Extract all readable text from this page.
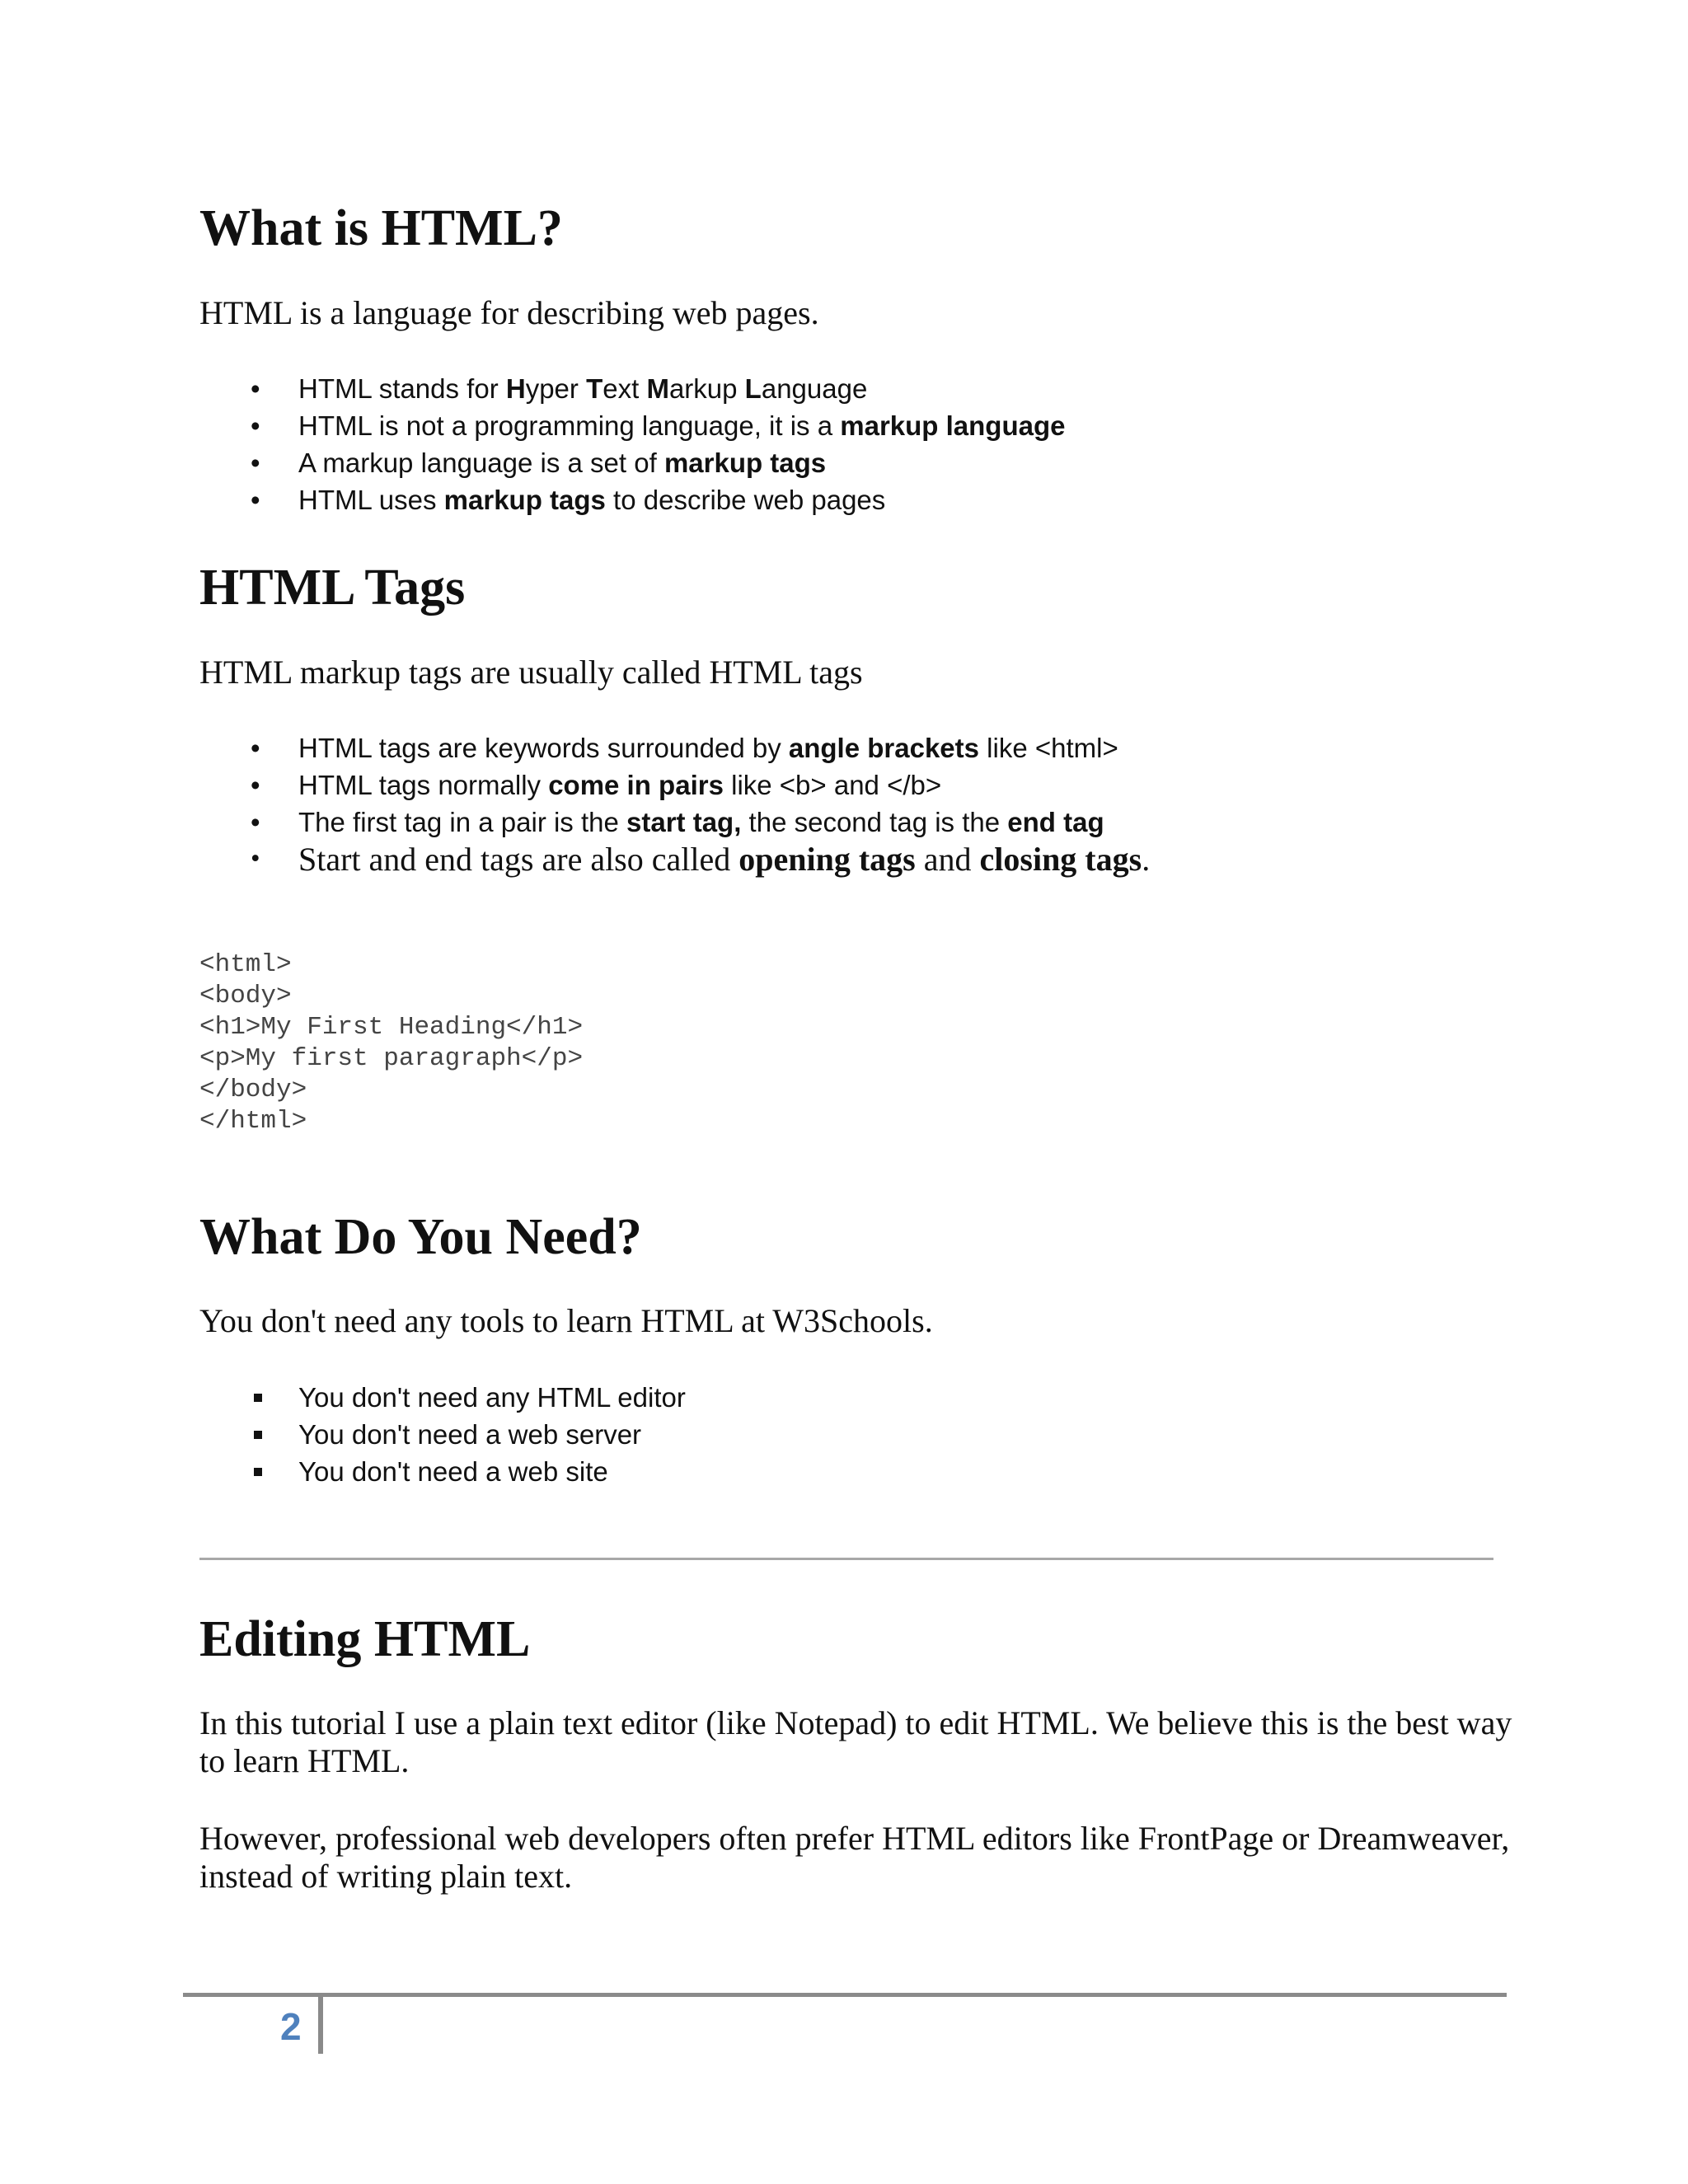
What is HTML?

HTML is a language for describing web pages.

• HTML stands for Hyper Text Markup Language
• HTML is not a programming language, it is a markup language
• A markup language is a set of markup tags
• HTML uses markup tags to describe web pages
HTML Tags

HTML markup tags are usually called HTML tags

• HTML tags are keywords surrounded by angle brackets like <html>
• HTML tags normally come in pairs like <b> and </b>
• The first tag in a pair is the start tag, the second tag is the end tag
• Start and end tags are also called opening tags and closing tags.
<html>
<body>
<h1>My First Heading</h1>
<p>My first paragraph</p>
</body>
</html>
What Do You Need?

You don't need any tools to learn HTML at W3Schools.

You don't need any HTML editor
You don't need a web server
You don't need a web site
Editing HTML

In this tutorial I use a plain text editor (like Notepad) to edit HTML. We believe this is the best way to learn HTML.

However, professional web developers often prefer HTML editors like FrontPage or Dreamweaver, instead of writing plain text.

2
